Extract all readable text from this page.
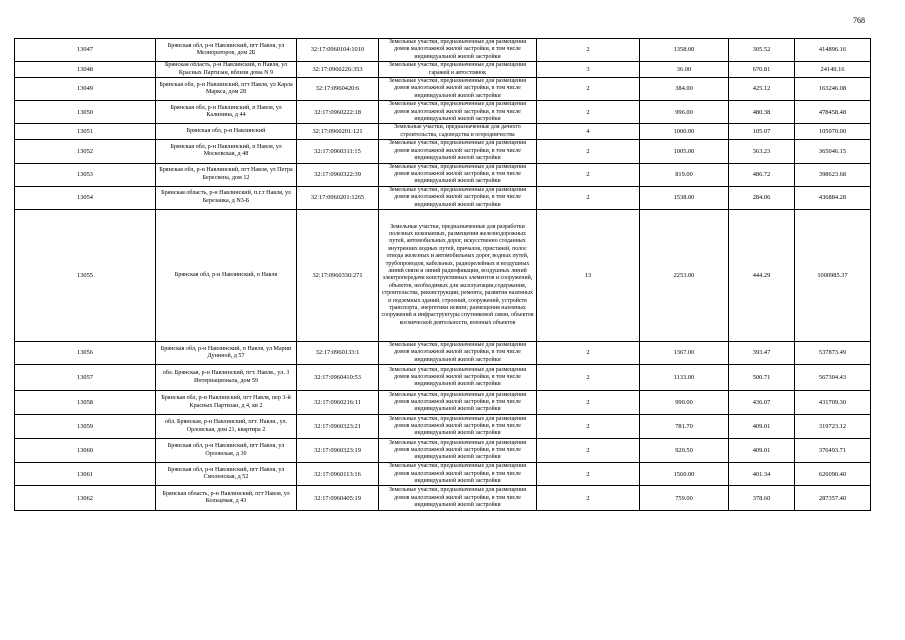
768
13047	Брянская обл, р-н Навлинский, пгт Навля, ул Мелиораторов, дом 2Б	32:17:0960104:1010	Земельные участки, предназначенные для размещения домов малоэтажной жилой застройки, в том числе индивидуальной жилой застройки	2	1358.00	305.52	414896.16
13048	Брянская область, р-н Навлинский, п Навля, ул Красных Партизан, вблизи дома N 9	32:17:0960226:353	Земельные участки, предназначенные для размещения гаражей и автостоянок	3	36.00	670.81	24149.16
13049	Брянская обл, р-н Навлинский, пгт Навля, ул Карла Маркса, дом 28	32:17:0960420:6	Земельные участки, предназначенные для размещения домов малоэтажной жилой застройки, в том числе индивидуальной жилой застройки	2	384.00	425.12	163246.08
13050	Брянская обл, р-н Навлинский, п Навля, ул Калинина, д 44	32:17:0960222:18	Земельные участки, предназначенные для размещения домов малоэтажной жилой застройки, в том числе индивидуальной жилой застройки	2	996.00	480.38	478458.48
13051	Брянская обл, р-н Навлинский	32:17:0960201:121	Земельные участки, предназначенные для дачного строительства, садоводства и огородничества	4	1000.00	105.07	105070.00
13052	Брянская обл, р-н Навлинский, п Навля, ул Московская, д 48	32:17:0960311:15	Земельные участки, предназначенные для размещения домов малоэтажной жилой застройки, в том числе индивидуальной жилой застройки	2	1005.00	363.23	365046.15
13053	Брянская обл, р-н Навлинский, пгт Навля, ул Петра Бересвена, дом 12	32:17:0960322:39	Земельные участки, предназначенные для размещения домов малоэтажной жилой застройки, в том числе индивидуальной жилой застройки	2	819.00	486.72	398623.68
13054	Брянская область, р-н Навлинский, п.г.т Навля, ул Березанка, д N3-Б	32:17:0960201:1265	Земельные участки, предназначенные для размещения домов малоэтажной жилой застройки, в том числе индивидуальной жилой застройки	2	1538.00	284.06	436884.28
13055	Брянская обл, р-н Навлинский, п Навля	32:17:0960330:271	Земельные участки, предназначенные для разработки полезных ископаемых, размещения железнодорожных путей, автомобильных дорог, искусственно созданных внутренних водных путей, причалов, пристаней, полос отвода железных и автомобильных дорог, водных путей, трубопроводов, кабельных, радиорелейных и воздушных линий связи и линий радиофикации, воздушных линий электропередачи конструктивных элементов и сооружений, объектов, необходимых для эксплуатации,содержания, строительства, реконструкции, ремонта, развития наземных и подземных зданий, строений, сооружений, устройств транспорта, энергетики исвязи; размещения наземных сооружений и инфраструктуры спутниковой связи, объектов космической деятельности, военных объектов	13	2253.00	444.29	1000985.37
13056	Брянская обл, р-н Навлинский, п Навля, ул Марии Дуниной, д 57	32:17:0960133:1	Земельные участки, предназначенные для размещения домов малоэтажной жилой застройки, в том числе индивидуальной жилой застройки	2	1367.00	393.47	537873.49
13057	обл. Брянская, р-н Навлинский, пгт. Навля., ул. 3 Интернационала, дом 59	32:17:0960410:53	Земельные участки, предназначенные для размещения домов малоэтажной жилой застройки, в том числе индивидуальной жилой застройки	2	1133.00	500.71	567304.43
13058	Брянская обл, р-н Навлинский, пгт Навля, пер 3-й Красных Партизан, д 4, кв 2	32:17:0960216:11	Земельные участки, предназначенные для размещения домов малоэтажной жилой застройки, в том числе индивидуальной жилой застройки	2	990.00	436.07	431709.30
13059	обл. Брянская, р-н Навлинский, пгт. Навля., ул. Орловская, дом 21, квартира 2	32:17:0960323:21	Земельные участки, предназначенные для размещения домов малоэтажной жилой застройки, в том числе индивидуальной жилой застройки	2	781.70	409.01	319723.12
13060	Брянская обл, р-н Навлинский, пгт Навля, ул Орловская, д 30	32:17:0960323:19	Земельные участки, предназначенные для размещения домов малоэтажной жилой застройки, в том числе индивидуальной жилой застройки	2	920.50	409.01	376493.71
13061	Брянская обл, р-н Навлинский, пгт Навля, ул Смоленская, д 52	32:17:0960113:16	Земельные участки, предназначенные для размещения домов малоэтажной жилой застройки, в том числе индивидуальной жилой застройки	2	1560.00	401.34	626090.40
13062	Брянская область, р-н Навлинский, пгт Навля, ул Кольцевая, д 43	32:17:0960405:19	Земельные участки, предназначенные для размещения домов малоэтажной жилой застройки, в том числе индивидуальной жилой застройки	2	759.00	378.60	287357.40
